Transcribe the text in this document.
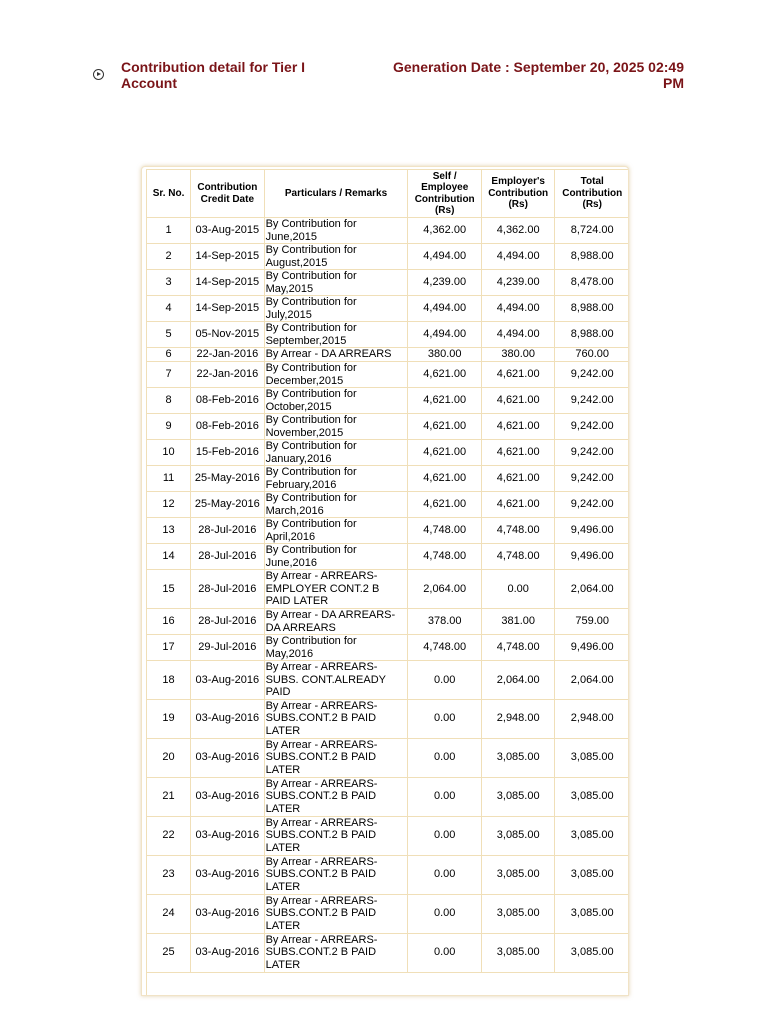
Contribution detail for Tier I Account
Generation Date : September 20, 2025 02:49 PM
Sr. No.	Contribution Credit Date	Particulars / Remarks	Self / Employee Contribution (Rs)	Employer's Contribution (Rs)	Total Contribution (Rs)
1	03-Aug-2015	By Contribution for June,2015	4,362.00	4,362.00	8,724.00
2	14-Sep-2015	By Contribution for August,2015	4,494.00	4,494.00	8,988.00
3	14-Sep-2015	By Contribution for May,2015	4,239.00	4,239.00	8,478.00
4	14-Sep-2015	By Contribution for July,2015	4,494.00	4,494.00	8,988.00
5	05-Nov-2015	By Contribution for September,2015	4,494.00	4,494.00	8,988.00
6	22-Jan-2016	By Arrear - DA ARREARS	380.00	380.00	760.00
7	22-Jan-2016	By Contribution for December,2015	4,621.00	4,621.00	9,242.00
8	08-Feb-2016	By Contribution for October,2015	4,621.00	4,621.00	9,242.00
9	08-Feb-2016	By Contribution for November,2015	4,621.00	4,621.00	9,242.00
10	15-Feb-2016	By Contribution for January,2016	4,621.00	4,621.00	9,242.00
11	25-May-2016	By Contribution for February,2016	4,621.00	4,621.00	9,242.00
12	25-May-2016	By Contribution for March,2016	4,621.00	4,621.00	9,242.00
13	28-Jul-2016	By Contribution for April,2016	4,748.00	4,748.00	9,496.00
14	28-Jul-2016	By Contribution for June,2016	4,748.00	4,748.00	9,496.00
15	28-Jul-2016	By Arrear - ARREARS-EMPLOYER CONT.2 B PAID LATER	2,064.00	0.00	2,064.00
16	28-Jul-2016	By Arrear - DA ARREARS-DA ARREARS	378.00	381.00	759.00
17	29-Jul-2016	By Contribution for May,2016	4,748.00	4,748.00	9,496.00
18	03-Aug-2016	By Arrear - ARREARS-SUBS. CONT.ALREADY PAID	0.00	2,064.00	2,064.00
19	03-Aug-2016	By Arrear - ARREARS-SUBS.CONT.2 B PAID LATER	0.00	2,948.00	2,948.00
20	03-Aug-2016	By Arrear - ARREARS-SUBS.CONT.2 B PAID LATER	0.00	3,085.00	3,085.00
21	03-Aug-2016	By Arrear - ARREARS-SUBS.CONT.2 B PAID LATER	0.00	3,085.00	3,085.00
22	03-Aug-2016	By Arrear - ARREARS-SUBS.CONT.2 B PAID LATER	0.00	3,085.00	3,085.00
23	03-Aug-2016	By Arrear - ARREARS-SUBS.CONT.2 B PAID LATER	0.00	3,085.00	3,085.00
24	03-Aug-2016	By Arrear - ARREARS-SUBS.CONT.2 B PAID LATER	0.00	3,085.00	3,085.00
25	03-Aug-2016	By Arrear - ARREARS-SUBS.CONT.2 B PAID LATER	0.00	3,085.00	3,085.00
